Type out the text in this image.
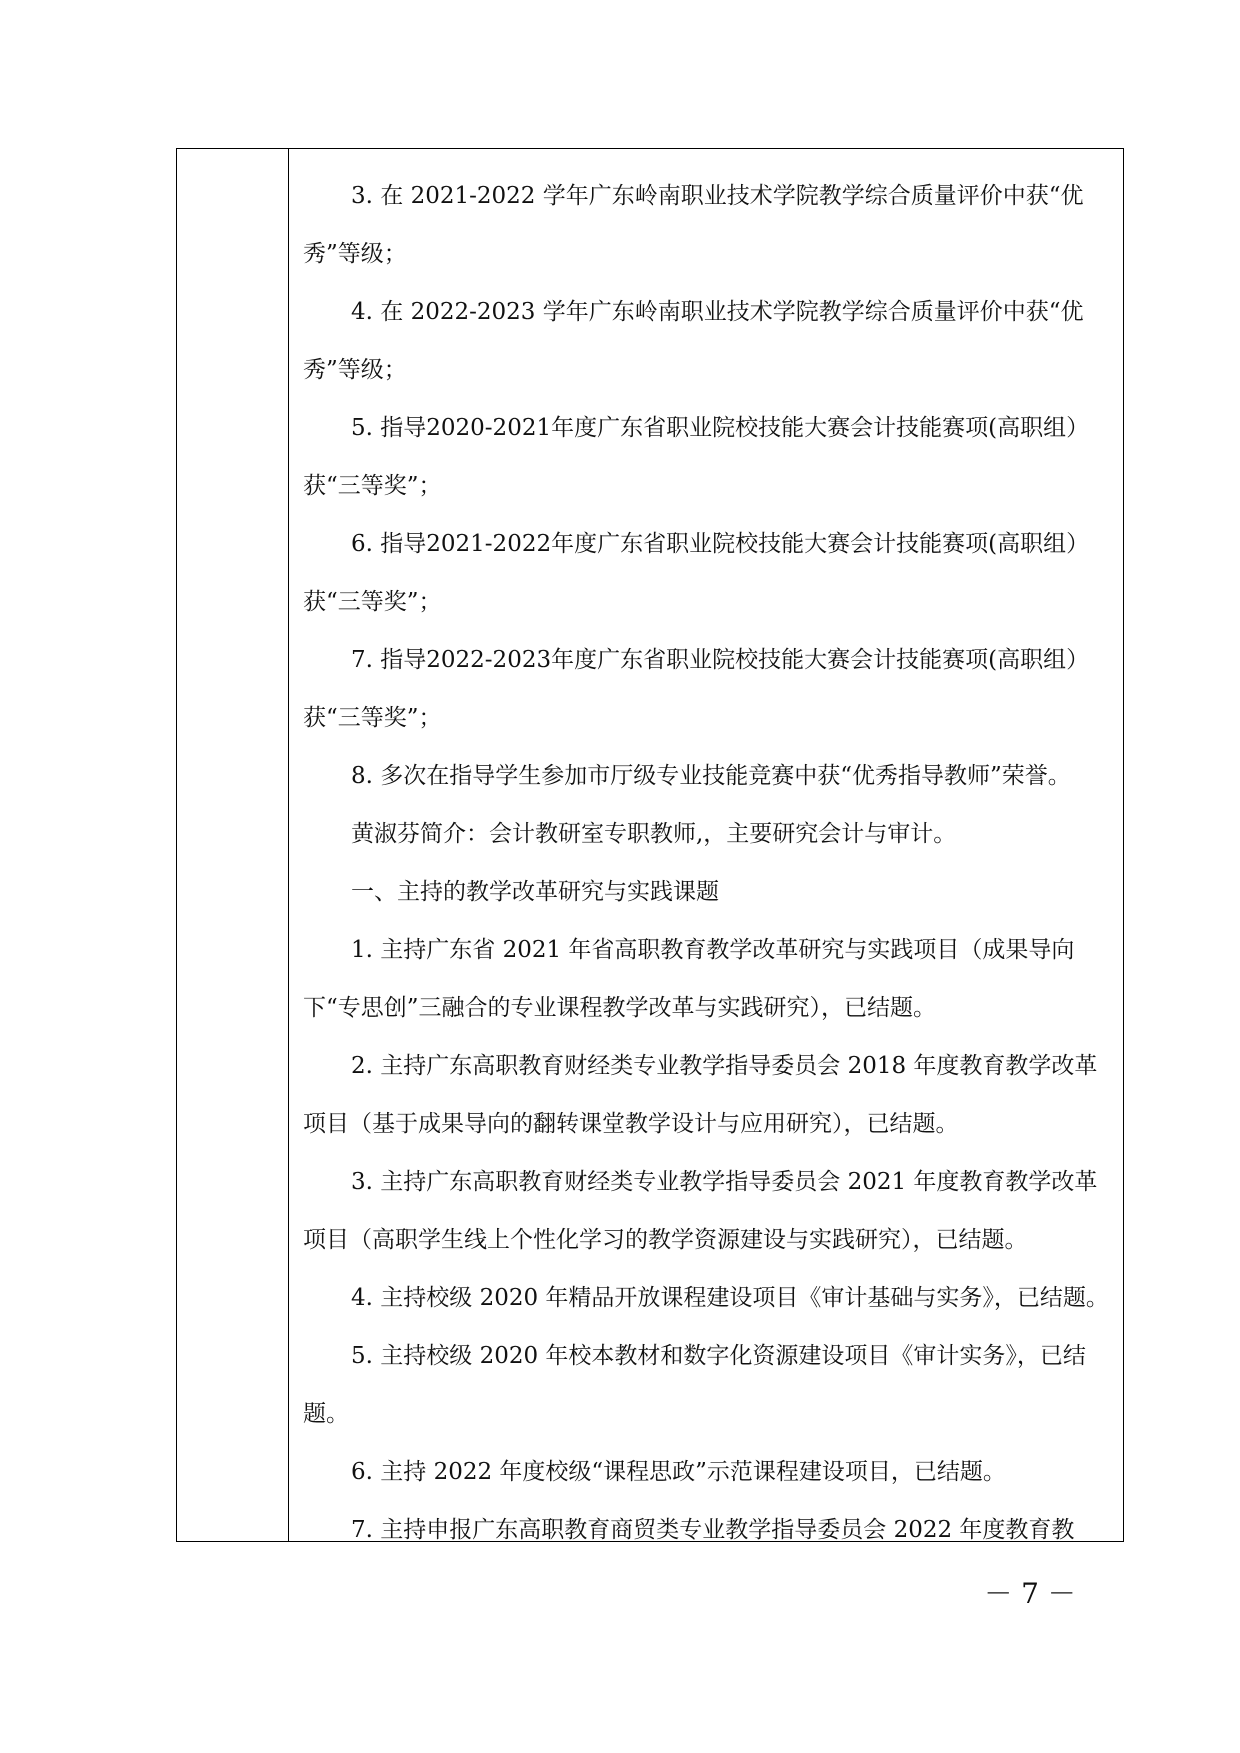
3. 在 2021-2022 学年广东岭南职业技术学院教学综合质量评价中获“优秀”等级；

4. 在 2022-2023 学年广东岭南职业技术学院教学综合质量评价中获“优秀”等级；

5. 指导2020-2021年度广东省职业院校技能大赛会计技能赛项(高职组）获“三等奖”；

6. 指导2021-2022年度广东省职业院校技能大赛会计技能赛项(高职组）获“三等奖”；

7. 指导2022-2023年度广东省职业院校技能大赛会计技能赛项(高职组）获“三等奖”；

8. 多次在指导学生参加市厅级专业技能竞赛中获“优秀指导教师”荣誉。

黄淑芬简介：会计教研室专职教师,，主要研究会计与审计。

一、主持的教学改革研究与实践课题

1. 主持广东省 2021 年省高职教育教学改革研究与实践项目（成果导向下“专思创”三融合的专业课程教学改革与实践研究），已结题。

2. 主持广东高职教育财经类专业教学指导委员会 2018 年度教育教学改革项目（基于成果导向的翻转课堂教学设计与应用研究），已结题。

3. 主持广东高职教育财经类专业教学指导委员会 2021 年度教育教学改革项目（高职学生线上个性化学习的教学资源建设与实践研究），已结题。

4. 主持校级 2020 年精品开放课程建设项目《审计基础与实务》，已结题。

5. 主持校级 2020 年校本教材和数字化资源建设项目《审计实务》，已结题。

6. 主持 2022 年度校级“课程思政”示范课程建设项目，已结题。

7. 主持申报广东高职教育商贸类专业教学指导委员会 2022 年度教育教

－ 7 －
